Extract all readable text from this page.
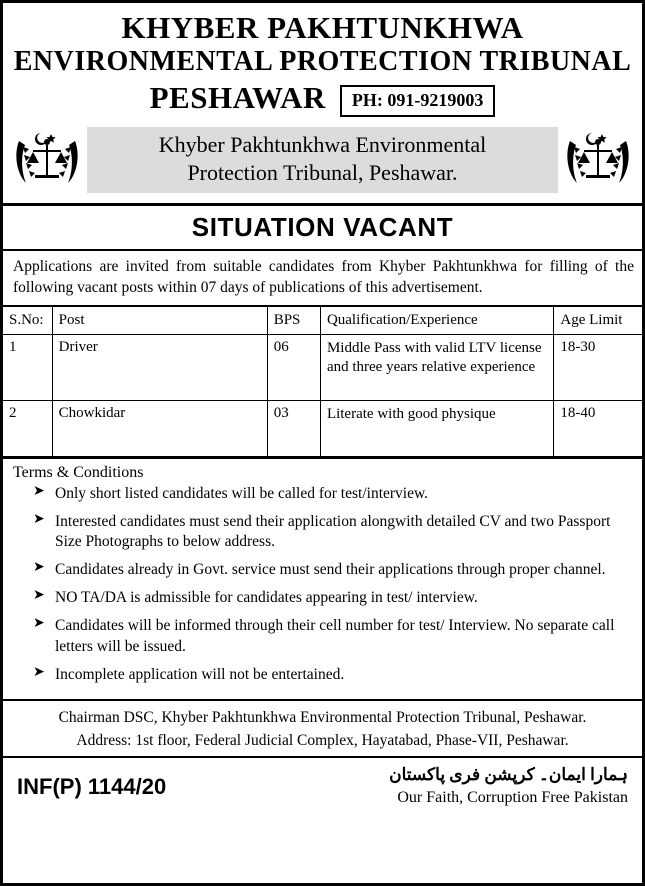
KHYBER PAKHTUNKHWA
ENVIRONMENTAL PROTECTION TRIBUNAL
PESHAWAR	PH: 091-9219003
Khyber Pakhtunkhwa Environmental
Protection Tribunal, Peshawar.
SITUATION VACANT
Applications are invited from suitable candidates from Khyber Pakhtunkhwa for filling of the following vacant posts within 07 days of publications of this advertisement.
S.No:	Post	BPS	Qualification/Experience	Age Limit
1	Driver	06	Middle Pass with valid LTV license and three years relative experience	18-30
2	Chowkidar	03	Literate with good physique	18-40
Terms & Conditions
➤ Only short listed candidates will be called for test/interview.
➤ Interested candidates must send their application alongwith detailed CV and two Passport Size Photographs to below address.
➤ Candidates already in Govt. service must send their applications through proper channel.
➤ NO TA/DA is admissible for candidates appearing in test/ interview.
➤ Candidates will be informed through their cell number for test/ Interview. No separate call letters will be issued.
➤ Incomplete application will not be entertained.
Chairman DSC, Khyber Pakhtunkhwa Environmental Protection Tribunal, Peshawar.
Address: 1st floor, Federal Judicial Complex, Hayatabad, Phase-VII, Peshawar.
INF(P) 1144/20	ہمارا ایمان۔ کرپشن فری پاکستان
Our Faith, Corruption Free Pakistan
